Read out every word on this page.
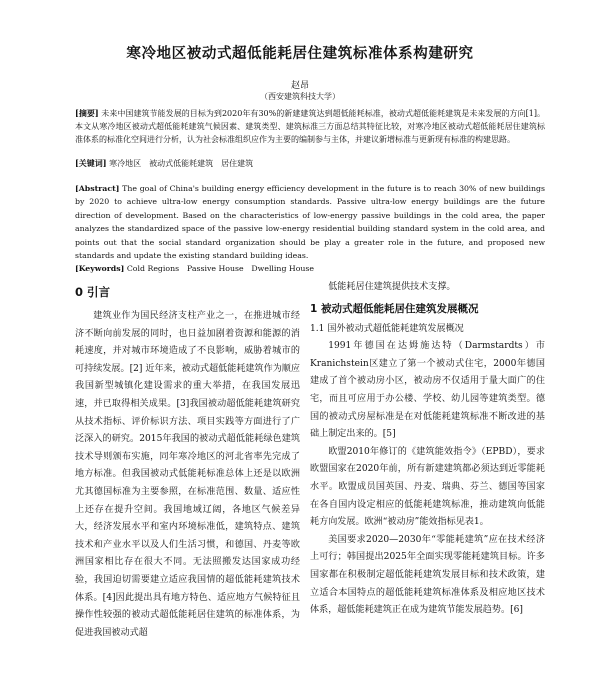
寒冷地区被动式超低能耗居住建筑标准体系构建研究
赵昂
（西安建筑科技大学）
[摘要] 未来中国建筑节能发展的目标为到2020年有30%的新建建筑达到超低能耗标准，被动式超低能耗建筑是未来发展的方向[1]。本文从寒冷地区被动式超低能耗建筑气候因素、建筑类型、建筑标准三方面总结其特征比较，对寒冷地区被动式超低能耗居住建筑标准体系的标准化空间进行分析，认为社会标准组织应作为主要的编制参与主体，并建议新增标准与更新现有标准的构建思路。
[关键词] 寒冷地区　被动式低能耗建筑　居住建筑
[Abstract] The goal of China's building energy efficiency development in the future is to reach 30% of new buildings by 2020 to achieve ultra-low energy consumption standards. Passive ultra-low energy buildings are the future direction of development. Based on the characteristics of low-energy passive buildings in the cold area, the paper analyzes the standardized space of the passive low-energy residential building standard system in the cold area, and points out that the social standard organization should be play a greater role in the future, and proposed new standards and update the existing standard building ideas.
[Keywords] Cold Regions　Passive House　Dwelling House
0 引言

建筑业作为国民经济支柱产业之一，在推进城市经济不断向前发展的同时，也日益加剧着资源和能源的消耗速度，并对城市环境造成了不良影响，威胁着城市的可持续发展。[2] 近年来，被动式超低能耗建筑作为顺应我国新型城镇化建设需求的重大举措，在我国发展迅速，并已取得相关成果。[3]我国被动超低能耗建筑研究从技术指标、评价标识方法、项目实践等方面进行了广泛深入的研究。2015年我国的被动式超低能耗绿色建筑技术导则颁布实施，同年寒冷地区的河北省率先完成了地方标准。但我国被动式低能耗标准总体上还是以欧洲尤其德国标准为主要参照，在标准范围、数量、适应性上还存在提升空间。我国地域辽阔，各地区气候差异大，经济发展水平和室内环境标准低，建筑特点、建筑技术和产业水平以及人们生活习惯，和德国、丹麦等欧洲国家相比存在很大不同。无法照搬发达国家成功经验，我国迫切需要建立适应我国情的超低能耗建筑技术体系。[4]因此提出具有地方特色、适应地方气候特征且操作性较强的被动式超低能耗居住建筑的标准体系，为促进我国被动式超

低能耗居住建筑提供技术支撑。

1 被动式超低能耗居住建筑发展概况
1.1 国外被动式超低能耗建筑发展概况

1991年德国在达姆施达特（Darmstardts）市Kranichstein区建立了第一个被动式住宅，2000年德国建成了首个被动房小区，被动房不仅适用于量大面广的住宅，而且可应用于办公楼、学校、幼儿园等建筑类型。德国的被动式房屋标准是在对低能耗建筑标准不断改进的基础上制定出来的。[5]

欧盟2010年修订的《建筑能效指令》（EPBD），要求欧盟国家在2020年前，所有新建建筑都必须达到近零能耗水平。欧盟成员国英国、丹麦、瑞典、芬兰、德国等国家在各自国内设定相应的低能耗建筑标准，推动建筑向低能耗方向发展。欧洲“被动房”能效指标见表1。

美国要求2020—2030年“零能耗建筑”应在技术经济上可行；韩国提出2025年全面实现零能耗建筑目标。许多国家都在积极制定超低能耗建筑发展目标和技术政策，建立适合本国特点的超低能耗建筑标准体系及相应地区技术体系，超低能耗建筑正在成为建筑节能发展趋势。[6]
